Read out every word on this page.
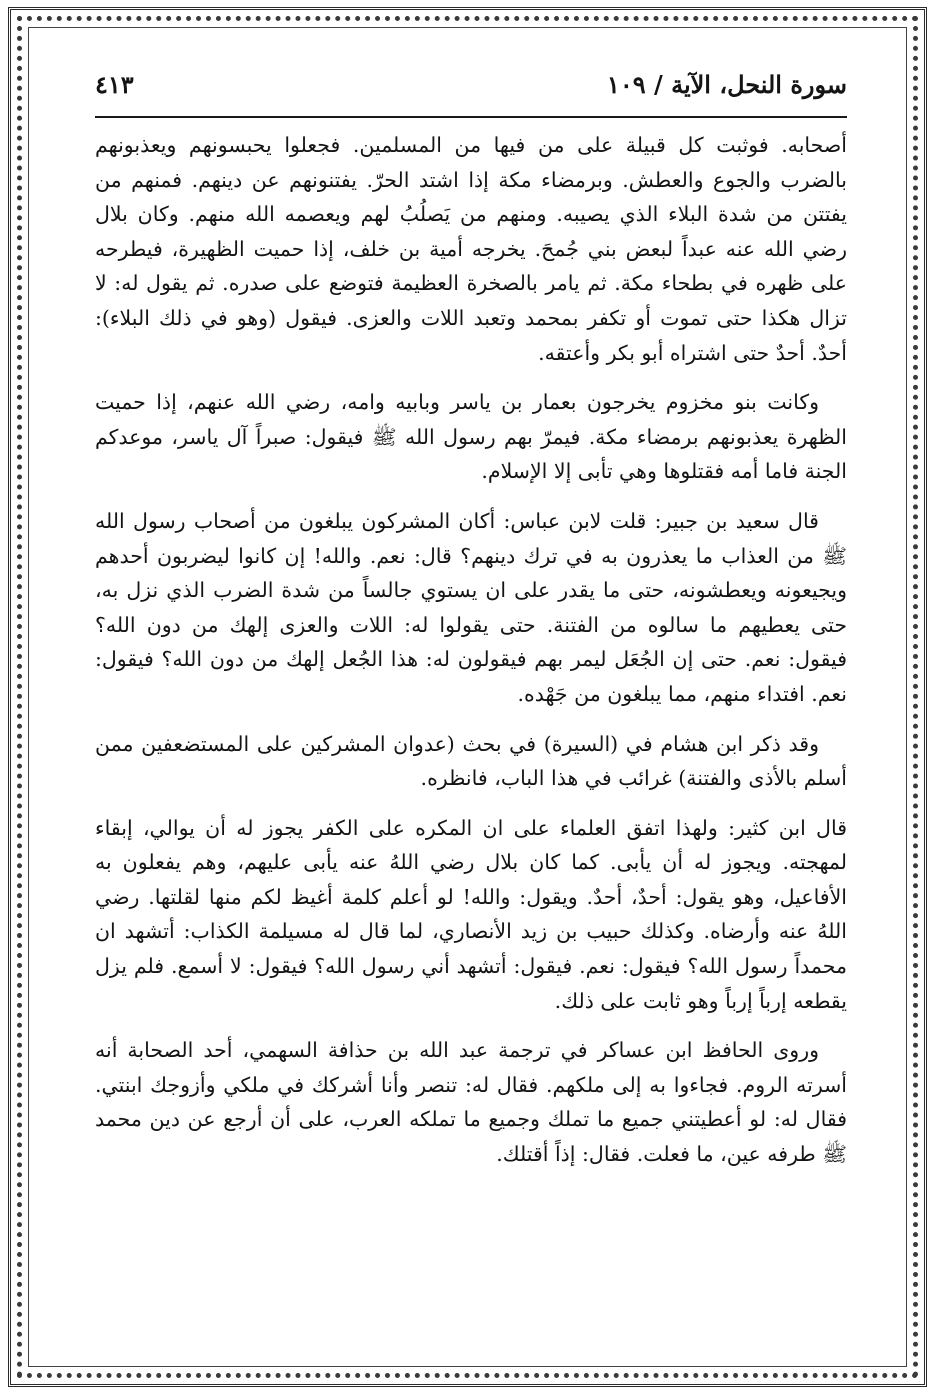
سورة النحل، الآية / ١٠٩
٤١٣

أصحابه. فوثبت كل قبيلة على من فيها من المسلمين. فجعلوا يحبسونهم ويعذبونهم بالضرب والجوع والعطش. وبرمضاء مكة إذا اشتد الحرّ. يفتنونهم عن دينهم. فمنهم من يفتتن من شدة البلاء الذي يصيبه. ومنهم من يَصلُبُ لهم ويعصمه الله منهم. وكان بلال رضي الله عنه عبداً لبعض بني جُمحَ. يخرجه أمية بن خلف، إذا حميت الظهيرة، فيطرحه على ظهره في بطحاء مكة. ثم يامر بالصخرة العظيمة فتوضع على صدره. ثم يقول له: لا تزال هكذا حتى تموت أو تكفر بمحمد وتعبد اللات والعزى. فيقول (وهو في ذلك البلاء): أحدٌ. أحدٌ حتى اشتراه أبو بكر وأعتقه.

وكانت بنو مخزوم يخرجون بعمار بن ياسر وبابيه وامه، رضي الله عنهم، إذا حميت الظهرة يعذبونهم برمضاء مكة. فيمرّ بهم رسول الله ﷺ فيقول: صبراً آل ياسر، موعدكم الجنة فاما أمه فقتلوها وهي تأبى إلا الإسلام.

قال سعيد بن جبير: قلت لابن عباس: أكان المشركون يبلغون من أصحاب رسول الله ﷺ من العذاب ما يعذرون به في ترك دينهم؟ قال: نعم. والله! إن كانوا ليضربون أحدهم ويجيعونه ويعطشونه، حتى ما يقدر على ان يستوي جالساً من شدة الضرب الذي نزل به، حتى يعطيهم ما سالوه من الفتنة. حتى يقولوا له: اللات والعزى إلهك من دون الله؟ فيقول: نعم. حتى إن الجُعَل ليمر بهم فيقولون له: هذا الجُعل إلهك من دون الله؟ فيقول: نعم. افتداء منهم، مما يبلغون من جَهْده.

وقد ذكر ابن هشام في (السيرة) في بحث (عدوان المشركين على المستضعفين ممن أسلم بالأذى والفتنة) غرائب في هذا الباب، فانظره.

قال ابن كثير: ولهذا اتفق العلماء على ان المكره على الكفر يجوز له أن يوالي، إبقاء لمهجته. ويجوز له أن يأبى. كما كان بلال رضي اللهُ عنه يأبى عليهم، وهم يفعلون به الأفاعيل، وهو يقول: أحدٌ، أحدٌ. ويقول: والله! لو أعلم كلمة أغيظ لكم منها لقلتها. رضي اللهُ عنه وأرضاه. وكذلك حبيب بن زيد الأنصاري، لما قال له مسيلمة الكذاب: أتشهد ان محمداً رسول الله؟ فيقول: نعم. فيقول: أتشهد أني رسول الله؟ فيقول: لا أسمع. فلم يزل يقطعه إرباً إرباً وهو ثابت على ذلك.

وروى الحافظ ابن عساكر في ترجمة عبد الله بن حذافة السهمي، أحد الصحابة أنه أسرته الروم. فجاءوا به إلى ملكهم. فقال له: تنصر وأنا أشركك في ملكي وأزوجك ابنتي. فقال له: لو أعطيتني جميع ما تملك وجميع ما تملكه العرب، على أن أرجع عن دين محمد ﷺ طرفه عين، ما فعلت. فقال: إذاً أقتلك.
